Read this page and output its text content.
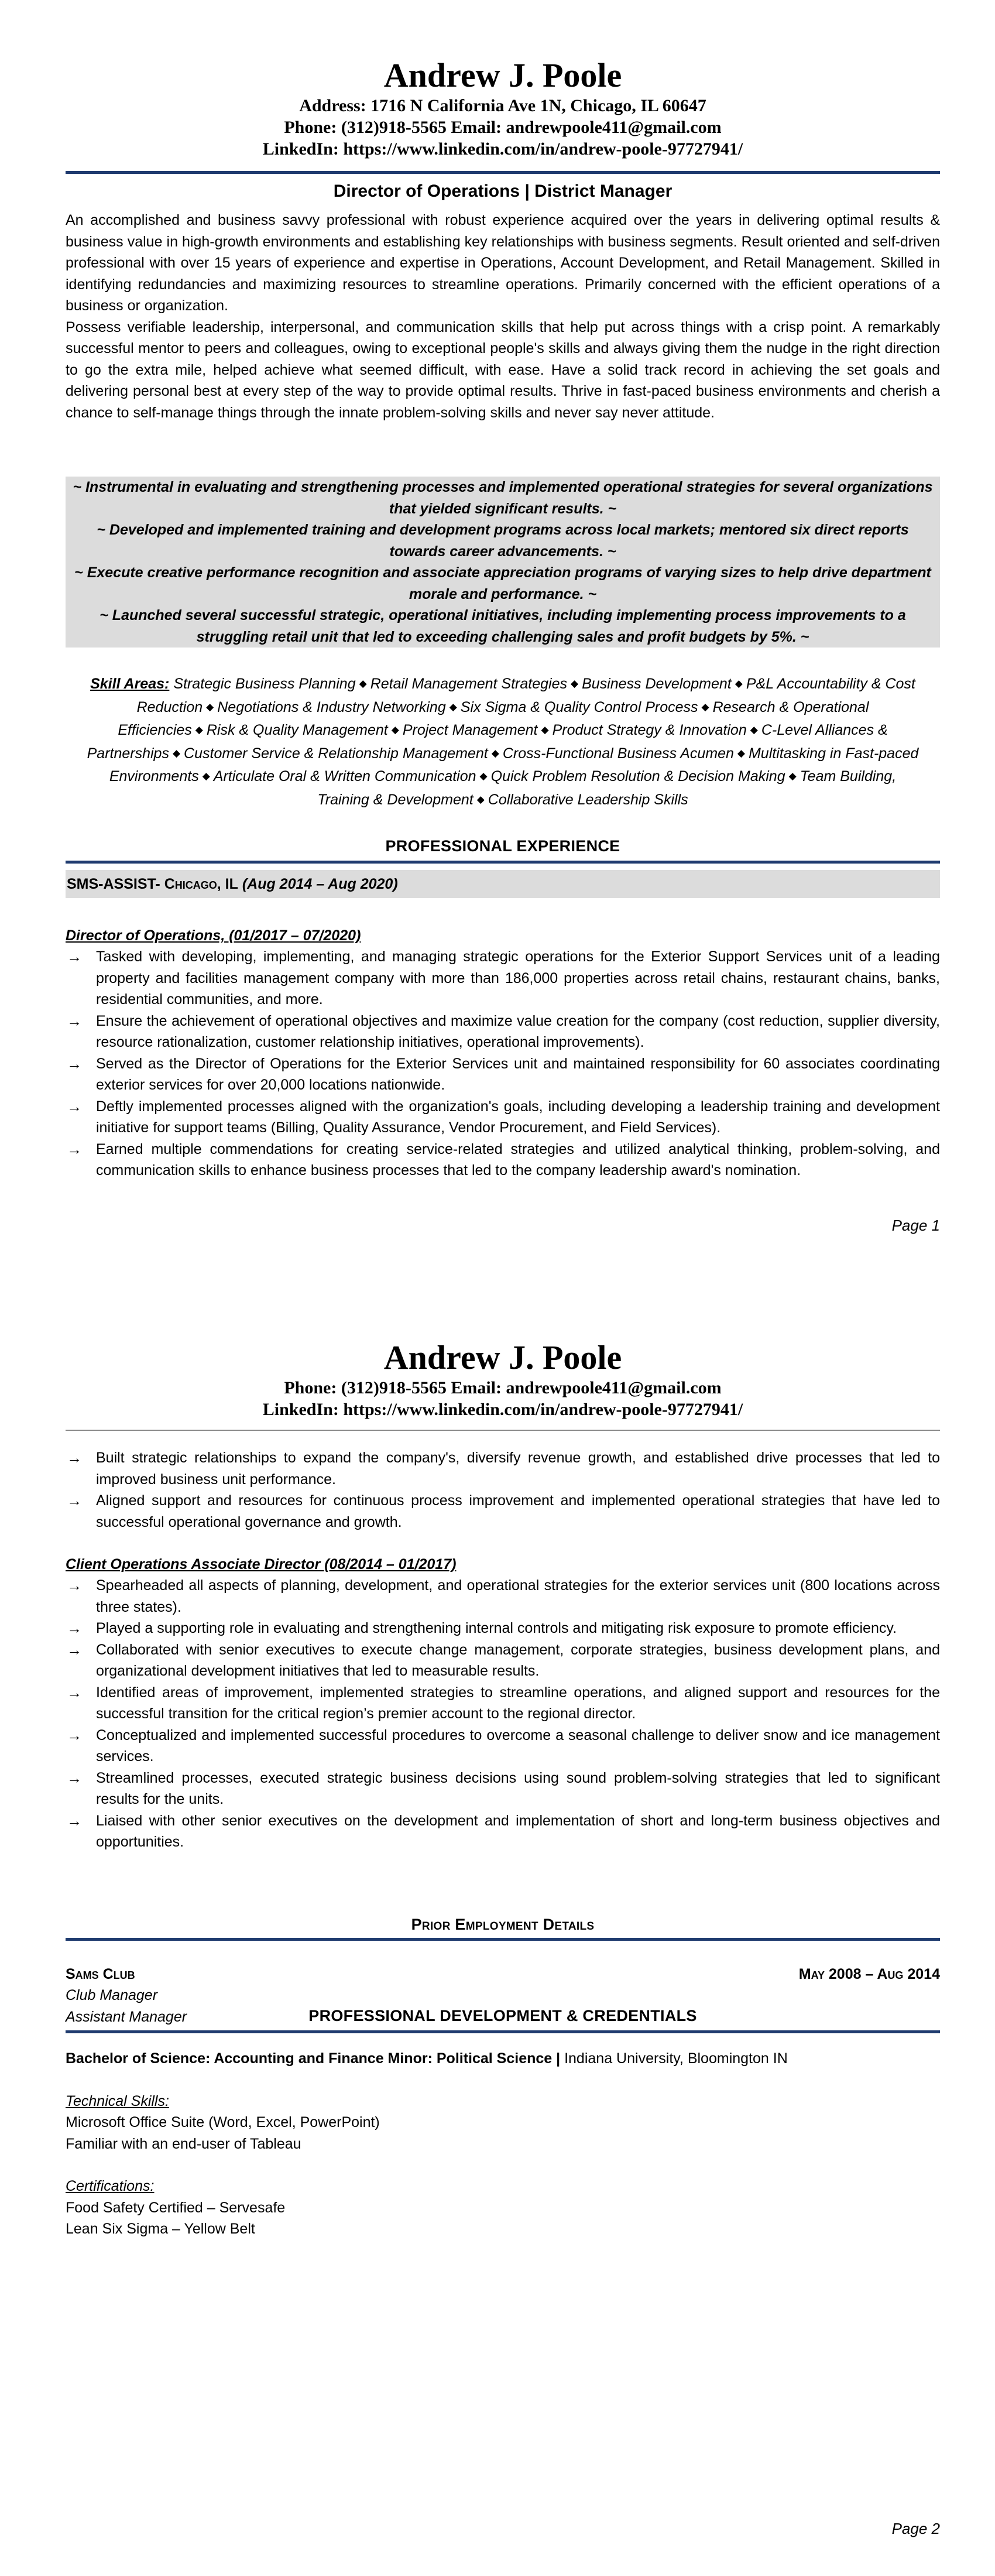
Andrew J. Poole
Address: 1716 N California Ave 1N, Chicago, IL 60647
Phone: (312)918-5565 Email: andrewpoole411@gmail.com
LinkedIn: https://www.linkedin.com/in/andrew-poole-97727941/
Director of Operations | District Manager

An accomplished and business savvy professional with robust experience acquired over the years in delivering optimal results & business value in high-growth environments and establishing key relationships with business segments. Result oriented and self-driven professional with over 15 years of experience and expertise in Operations, Account Development, and Retail Management. Skilled in identifying redundancies and maximizing resources to streamline operations. Primarily concerned with the efficient operations of a business or organization.

Possess verifiable leadership, interpersonal, and communication skills that help put across things with a crisp point. A remarkably successful mentor to peers and colleagues, owing to exceptional people's skills and always giving them the nudge in the right direction to go the extra mile, helped achieve what seemed difficult, with ease. Have a solid track record in achieving the set goals and delivering personal best at every step of the way to provide optimal results. Thrive in fast-paced business environments and cherish a chance to self-manage things through the innate problem-solving skills and never say never attitude.

~ Instrumental in evaluating and strengthening processes and implemented operational strategies for several organizations that yielded significant results. ~
~ Developed and implemented training and development programs across local markets; mentored six direct reports towards career advancements. ~
~ Execute creative performance recognition and associate appreciation programs of varying sizes to help drive department morale and performance. ~
~ Launched several successful strategic, operational initiatives, including implementing process improvements to a struggling retail unit that led to exceeding challenging sales and profit budgets by 5%. ~
Skill Areas: Strategic Business Planning ◆ Retail Management Strategies ◆ Business Development ◆ P&L Accountability & Cost Reduction ◆ Negotiations & Industry Networking ◆ Six Sigma & Quality Control Process ◆ Research & Operational Efficiencies ◆ Risk & Quality Management ◆ Project Management ◆ Product Strategy & Innovation ◆ C-Level Alliances & Partnerships ◆ Customer Service & Relationship Management ◆ Cross-Functional Business Acumen ◆ Multitasking in Fast-paced Environments ◆ Articulate Oral & Written Communication ◆ Quick Problem Resolution & Decision Making ◆ Team Building, Training & Development ◆ Collaborative Leadership Skills
PROFESSIONAL EXPERIENCE
SMS-ASSIST- Chicago, IL (Aug 2014 – Aug 2020)
Director of Operations, (01/2017 – 07/2020)
→ Tasked with developing, implementing, and managing strategic operations for the Exterior Support Services unit of a leading property and facilities management company with more than 186,000 properties across retail chains, restaurant chains, banks, residential communities, and more.
→ Ensure the achievement of operational objectives and maximize value creation for the company (cost reduction, supplier diversity, resource rationalization, customer relationship initiatives, operational improvements).
→ Served as the Director of Operations for the Exterior Services unit and maintained responsibility for 60 associates coordinating exterior services for over 20,000 locations nationwide.
→ Deftly implemented processes aligned with the organization's goals, including developing a leadership training and development initiative for support teams (Billing, Quality Assurance, Vendor Procurement, and Field Services).
→ Earned multiple commendations for creating service-related strategies and utilized analytical thinking, problem-solving, and communication skills to enhance business processes that led to the company leadership award's nomination.
Page 1
Andrew J. Poole
Phone: (312)918-5565 Email: andrewpoole411@gmail.com
LinkedIn: https://www.linkedin.com/in/andrew-poole-97727941/
→ Built strategic relationships to expand the company's, diversify revenue growth, and established drive processes that led to improved business unit performance.
→ Aligned support and resources for continuous process improvement and implemented operational strategies that have led to successful operational governance and growth.
Client Operations Associate Director (08/2014 – 01/2017)
→ Spearheaded all aspects of planning, development, and operational strategies for the exterior services unit (800 locations across three states).
→ Played a supporting role in evaluating and strengthening internal controls and mitigating risk exposure to promote efficiency.
→ Collaborated with senior executives to execute change management, corporate strategies, business development plans, and organizational development initiatives that led to measurable results.
→ Identified areas of improvement, implemented strategies to streamline operations, and aligned support and resources for the successful transition for the critical region’s premier account to the regional director.
→ Conceptualized and implemented successful procedures to overcome a seasonal challenge to deliver snow and ice management services.
→ Streamlined processes, executed strategic business decisions using sound problem-solving strategies that led to significant results for the units.
→ Liaised with other senior executives on the development and implementation of short and long-term business objectives and opportunities.
Prior Employment Details
Sams Club	May 2008 – Aug 2014
Club Manager
Assistant Manager	PROFESSIONAL DEVELOPMENT & CREDENTIALS
Bachelor of Science: Accounting and Finance Minor: Political Science | Indiana University, Bloomington IN
Technical Skills:
Microsoft Office Suite (Word, Excel, PowerPoint)
Familiar with an end-user of Tableau
Certifications:
Food Safety Certified – Servesafe
Lean Six Sigma – Yellow Belt
Page 2
